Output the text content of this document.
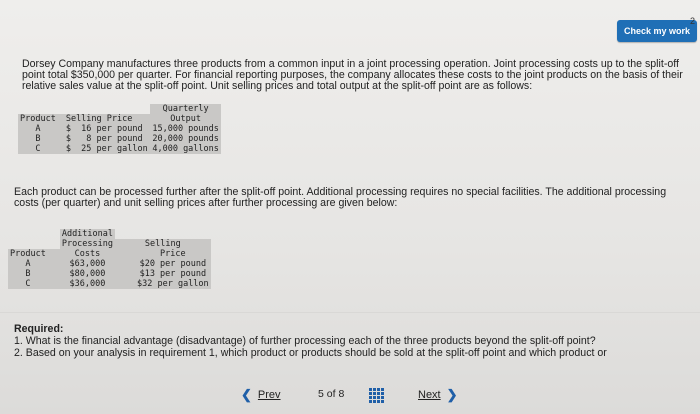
Check my work
2
Dorsey Company manufactures three products from a common input in a joint processing operation. Joint processing costs up to the split-off point total $350,000 per quarter. For financial reporting purposes, the company allocates these costs to the joint products on the basis of their relative sales value at the split-off point. Unit selling prices and total output at the split-off point are as follows:
		Quarterly
Product	Selling Price	Output
A	$  16 per pound	15,000 pounds
B	$   8 per pound	20,000 pounds
C	$  25 per gallon	4,000 gallons
Each product can be processed further after the split-off point. Additional processing requires no special facilities. The additional processing costs (per quarter) and unit selling prices after further processing are given below:
	Additional	
	Processing	Selling
Product	Costs	Price
A	$63,000	$20 per pound
B	$80,000	$13 per pound
C	$36,000	$32 per gallon
Required:
1. What is the financial advantage (disadvantage) of further processing each of the three products beyond the split-off point?
2. Based on your analysis in requirement 1, which product or products should be sold at the split-off point and which product or
❮ Prev	5 of 8	Next ❯
